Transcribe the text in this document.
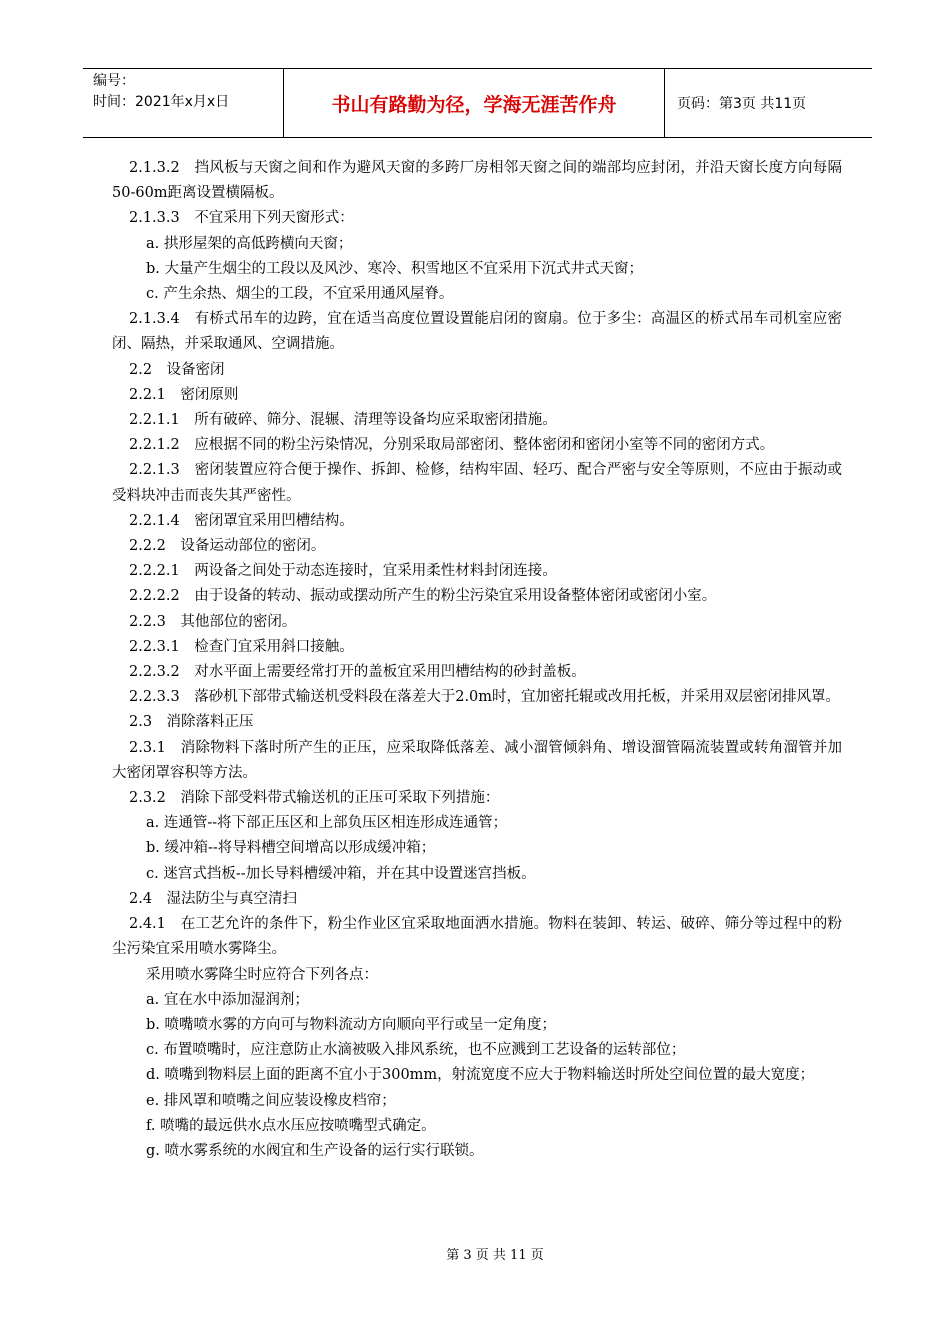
编号：
时间：2021年x月x日	书山有路勤为径，学海无涯苦作舟	页码：第3页 共11页

2.1.3.2　挡风板与天窗之间和作为避风天窗的多跨厂房相邻天窗之间的端部均应封闭，并沿天窗长度方向每隔50-60m距离设置横隔板。

2.1.3.3　不宜采用下列天窗形式：

a. 拱形屋架的高低跨横向天窗；

b. 大量产生烟尘的工段以及风沙、寒冷、积雪地区不宜采用下沉式井式天窗；

c. 产生余热、烟尘的工段，不宜采用通风屋脊。

2.1.3.4　有桥式吊车的边跨，宜在适当高度位置设置能启闭的窗扇。位于多尘：高温区的桥式吊车司机室应密闭、隔热，并采取通风、空调措施。

2.2　设备密闭

2.2.1　密闭原则

2.2.1.1　所有破碎、筛分、混辗、清理等设备均应采取密闭措施。

2.2.1.2　应根据不同的粉尘污染情况，分别采取局部密闭、整体密闭和密闭小室等不同的密闭方式。

2.2.1.3　密闭装置应符合便于操作、拆卸、检修，结构牢固、轻巧、配合严密与安全等原则，不应由于振动或受料块冲击而丧失其严密性。

2.2.1.4　密闭罩宜采用凹槽结构。

2.2.2　设备运动部位的密闭。

2.2.2.1　两设备之间处于动态连接时，宜采用柔性材料封闭连接。

2.2.2.2　由于设备的转动、振动或摆动所产生的粉尘污染宜采用设备整体密闭或密闭小室。

2.2.3　其他部位的密闭。

2.2.3.1　检查门宜采用斜口接触。

2.2.3.2　对水平面上需要经常打开的盖板宜采用凹槽结构的砂封盖板。

2.2.3.3　落砂机下部带式输送机受料段在落差大于2.0m时，宜加密托辊或改用托板，并采用双层密闭排风罩。

2.3　消除落料正压

2.3.1　消除物料下落时所产生的正压，应采取降低落差、减小溜管倾斜角、增设溜管隔流装置或转角溜管并加大密闭罩容积等方法。

2.3.2　消除下部受料带式输送机的正压可采取下列措施：

a. 连通管--将下部正压区和上部负压区相连形成连通管；

b. 缓冲箱--将导料槽空间增高以形成缓冲箱；

c. 迷宫式挡板--加长导料槽缓冲箱，并在其中设置迷宫挡板。

2.4　湿法防尘与真空清扫

2.4.1　在工艺允许的条件下，粉尘作业区宜采取地面洒水措施。物料在装卸、转运、破碎、筛分等过程中的粉尘污染宜采用喷水雾降尘。

采用喷水雾降尘时应符合下列各点：

a. 宜在水中添加湿润剂；

b. 喷嘴喷水雾的方向可与物料流动方向顺向平行或呈一定角度；

c. 布置喷嘴时，应注意防止水滴被吸入排风系统，也不应溅到工艺设备的运转部位；

d. 喷嘴到物料层上面的距离不宜小于300mm，射流宽度不应大于物料输送时所处空间位置的最大宽度；

e. 排风罩和喷嘴之间应装设橡皮档帘；

f. 喷嘴的最远供水点水压应按喷嘴型式确定。

g. 喷水雾系统的水阀宜和生产设备的运行实行联锁。

第 3 页 共 11 页
